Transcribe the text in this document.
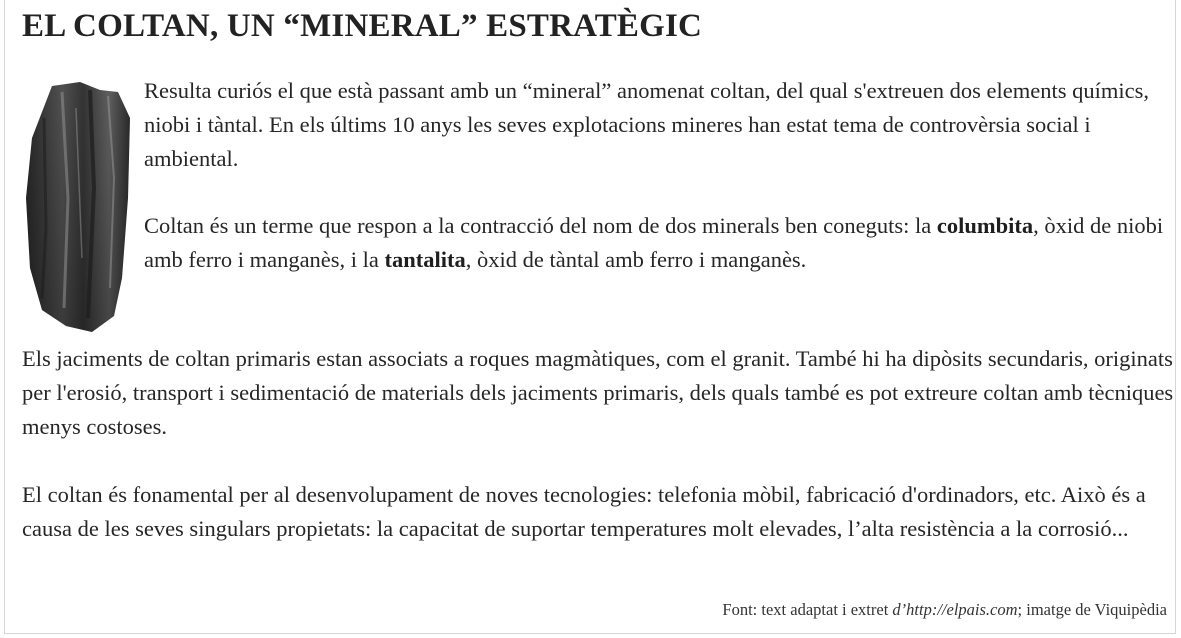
EL COLTAN, UN “MINERAL” ESTRATÈGIC

Resulta curiós el que està passant amb un “mineral” anomenat coltan, del qual s'extreuen dos elements químics, niobi i tàntal. En els últims 10 anys les seves explotacions mineres han estat tema de controvèrsia social i ambiental.

Coltan és un terme que respon a la contracció del nom de dos minerals ben coneguts: la columbita, òxid de niobi amb ferro i manganès, i la tantalita, òxid de tàntal amb ferro i manganès.

Els jaciments de coltan primaris estan associats a roques magmàtiques, com el granit. També hi ha dipòsits secundaris, originats per l'erosió, transport i sedimentació de materials dels jaciments primaris, dels quals també es pot extreure coltan amb tècniques menys costoses.

El coltan és fonamental per al desenvolupament de noves tecnologies: telefonia mòbil, fabricació d'ordinadors, etc. Això és a causa de les seves singulars propietats: la capacitat de suportar temperatures molt elevades, l’alta resistència a la corrosió...

Font: text adaptat i extret d’http://elpais.com; imatge de Viquipèdia
